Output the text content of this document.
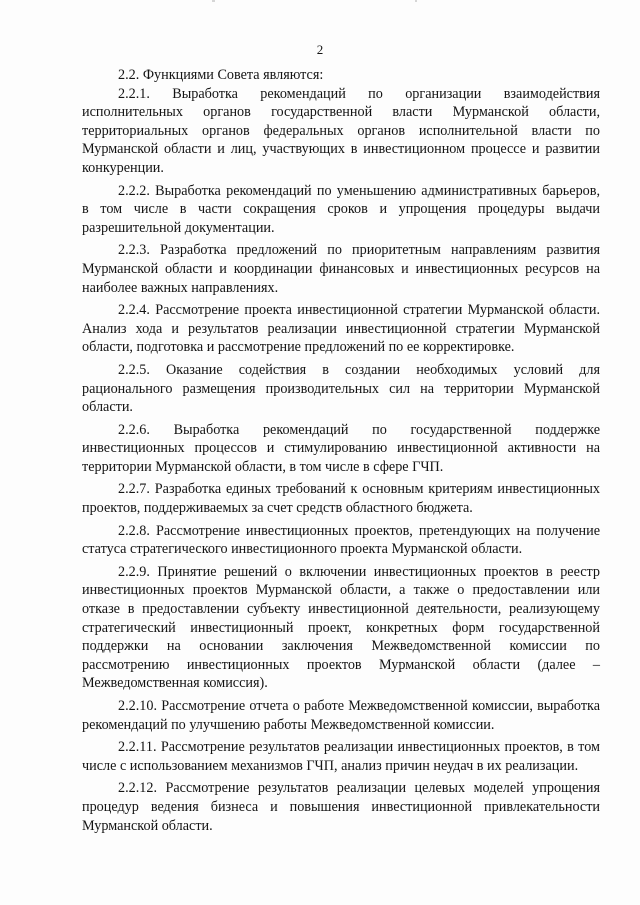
2

2.2. Функциями Совета являются:

2.2.1. Выработка рекомендаций по организации взаимодействия исполнительных органов государственной власти Мурманской области, территориальных органов федеральных органов исполнительной власти по Мурманской области и лиц, участвующих в инвестиционном процессе и развитии конкуренции.

2.2.2. Выработка рекомендаций по уменьшению административных барьеров, в том числе в части сокращения сроков и упрощения процедуры выдачи разрешительной документации.

2.2.3. Разработка предложений по приоритетным направлениям развития Мурманской области и координации финансовых и инвестиционных ресурсов на наиболее важных направлениях.

2.2.4. Рассмотрение проекта инвестиционной стратегии Мурманской области. Анализ хода и результатов реализации инвестиционной стратегии Мурманской области, подготовка и рассмотрение предложений по ее корректировке.

2.2.5. Оказание содействия в создании необходимых условий для рационального размещения производительных сил на территории Мурманской области.

2.2.6. Выработка рекомендаций по государственной поддержке инвестиционных процессов и стимулированию инвестиционной активности на территории Мурманской области, в том числе в сфере ГЧП.

2.2.7. Разработка единых требований к основным критериям инвестиционных проектов, поддерживаемых за счет средств областного бюджета.

2.2.8. Рассмотрение инвестиционных проектов, претендующих на получение статуса стратегического инвестиционного проекта Мурманской области.

2.2.9. Принятие решений о включении инвестиционных проектов в реестр инвестиционных проектов Мурманской области, а также о предоставлении или отказе в предоставлении субъекту инвестиционной деятельности, реализующему стратегический инвестиционный проект, конкретных форм государственной поддержки на основании заключения Межведомственной комиссии по рассмотрению инвестиционных проектов Мурманской области (далее – Межведомственная комиссия).

2.2.10. Рассмотрение отчета о работе Межведомственной комиссии, выработка рекомендаций по улучшению работы Межведомственной комиссии.

2.2.11. Рассмотрение результатов реализации инвестиционных проектов, в том числе с использованием механизмов ГЧП, анализ причин неудач в их реализации.

2.2.12. Рассмотрение результатов реализации целевых моделей упрощения процедур ведения бизнеса и повышения инвестиционной привлекательности Мурманской области.
